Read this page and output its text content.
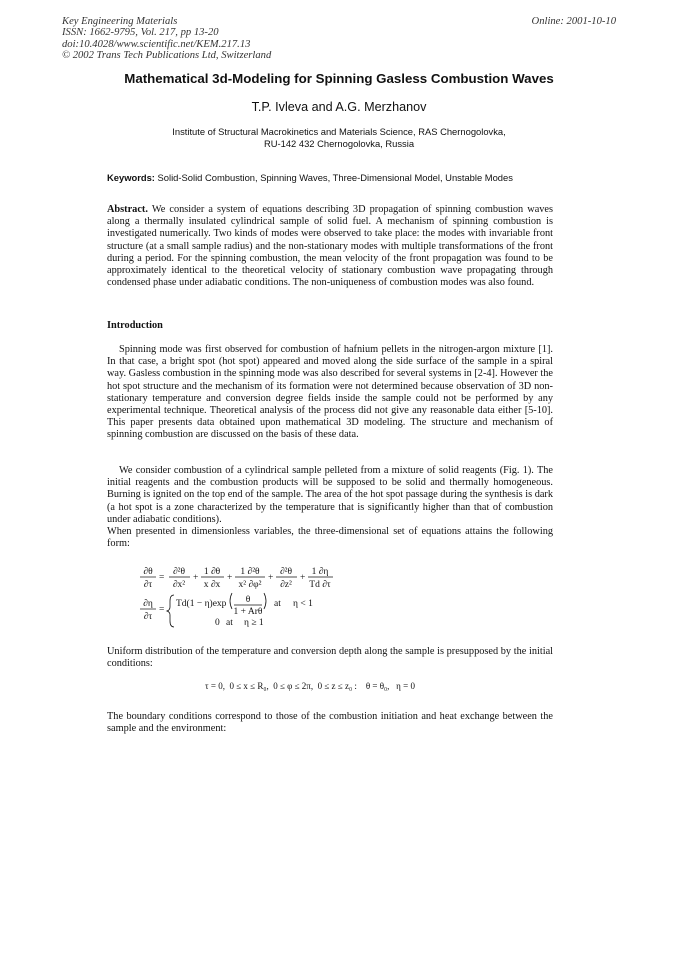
Key Engineering Materials
ISSN: 1662-9795, Vol. 217, pp 13-20
doi:10.4028/www.scientific.net/KEM.217.13
© 2002 Trans Tech Publications Ltd, Switzerland
Online: 2001-10-10
Mathematical 3d-Modeling for Spinning Gasless Combustion Waves
T.P. Ivleva and A.G. Merzhanov
Institute of Structural Macrokinetics and Materials Science, RAS Chernogolovka,
RU-142 432 Chernogolovka, Russia
Keywords: Solid-Solid Combustion, Spinning Waves, Three-Dimensional Model, Unstable Modes
Abstract. We consider a system of equations describing 3D propagation of spinning combustion waves along a thermally insulated cylindrical sample of solid fuel. A mechanism of spinning combustion is investigated numerically. Two kinds of modes were observed to take place: the modes with invariable front structure (at a small sample radius) and the non-stationary modes with multiple transformations of the front during a period. For the spinning combustion, the mean velocity of the front propagation was found to be approximately identical to the theoretical velocity of stationary combustion wave propagating through condensed phase under adiabatic conditions. The non-uniqueness of combustion modes was also found.
Introduction
Spinning mode was first observed for combustion of hafnium pellets in the nitrogen-argon mixture [1]. In that case, a bright spot (hot spot) appeared and moved along the side surface of the sample in a spiral way. Gasless combustion in the spinning mode was also described for several systems in [2-4]. However the hot spot structure and the mechanism of its formation were not determined because observation of 3D non-stationary temperature and conversion degree fields inside the sample could not be performed by any experimental technique. Theoretical analysis of the process did not give any reasonable data either [5-10]. This paper presents data obtained upon mathematical 3D modeling. The structure and mechanism of spinning combustion are discussed on the basis of these data.
We consider combustion of a cylindrical sample pelleted from a mixture of solid reagents (Fig. 1). The initial reagents and the combustion products will be supposed to be solid and thermally homogeneous. Burning is ignited on the top end of the sample. The area of the hot spot passage during the synthesis is dark (a hot spot is a zone characterized by the temperature that is significantly higher than that of combustion under adiabatic conditions).
When presented in dimensionless variables, the three-dimensional set of equations attains the following form:
∂θ
∂τ
=
∂²θ
∂x²
+
1 ∂θ
x ∂x
+
1 ∂²θ
x² ∂φ²
+
∂²θ
∂z²
+
1 ∂η
Td ∂τ
∂η
∂τ
=
Td(1 − η)exp θ
1 + Arθ
at η < 1
0 at η ≥ 1
Uniform distribution of the temperature and conversion depth along the sample is presupposed by the initial conditions:
τ = 0,  0 ≤ x ≤ R₀,  0 ≤ φ ≤ 2π,  0 ≤ z ≤ z₀ :    θ = θ₀,   η = 0
The boundary conditions correspond to those of the combustion initiation and heat exchange between the sample and the environment:
